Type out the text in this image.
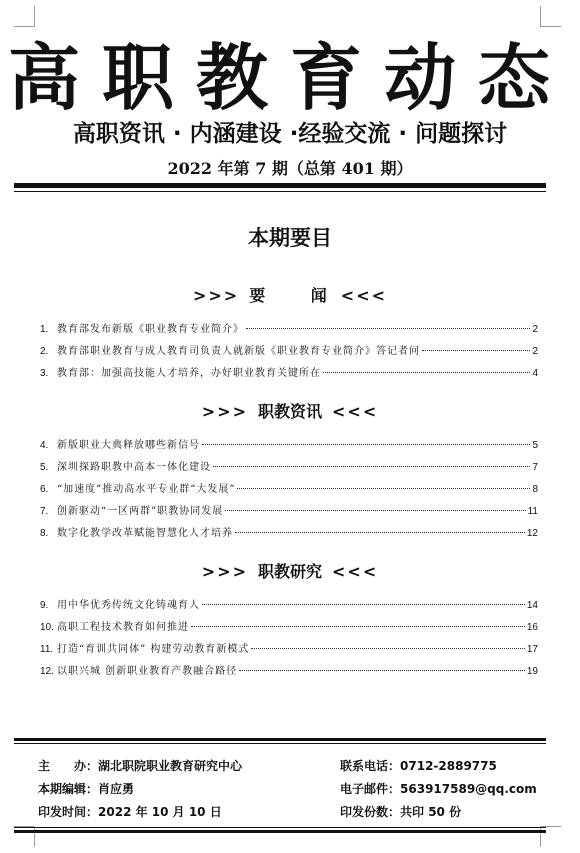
高职教育动态
高职资讯 · 内涵建设 ·经验交流 · 问题探讨
2022 年第 7 期（总第 401 期）
本期要目
>>> 要 闻<<<
1. 教育部发布新版《职业教育专业简介》	2
2. 教育部职业教育与成人教育司负责人就新版《职业教育专业简介》答记者问	2
3. 教育部：加强高技能人才培养，办好职业教育关键所在	4
>>> 职教资讯 <<<
4. 新版职业大典释放哪些新信号	5
5. 深圳探路职教中高本一体化建设	7
6. “加速度”推动高水平专业群“大发展”	8
7. 创新驱动“一区两群”职教协同发展	11
8. 数字化教学改革赋能智慧化人才培养	12
>>> 职教研究 <<<
9. 用中华优秀传统文化铸魂育人	14
10. 高职工程技术教育如何推进	16
11. 打造“育训共同体” 构建劳动教育新模式	17
12. 以职兴城 创新职业教育产教融合路径	19
主　　办：湖北职院职业教育研究中心
本期编辑：肖应勇
印发时间：2022 年 10 月 10 日
联系电话：0712-2889775
电子邮件：563917589@qq.com
印发份数：共印 50 份
